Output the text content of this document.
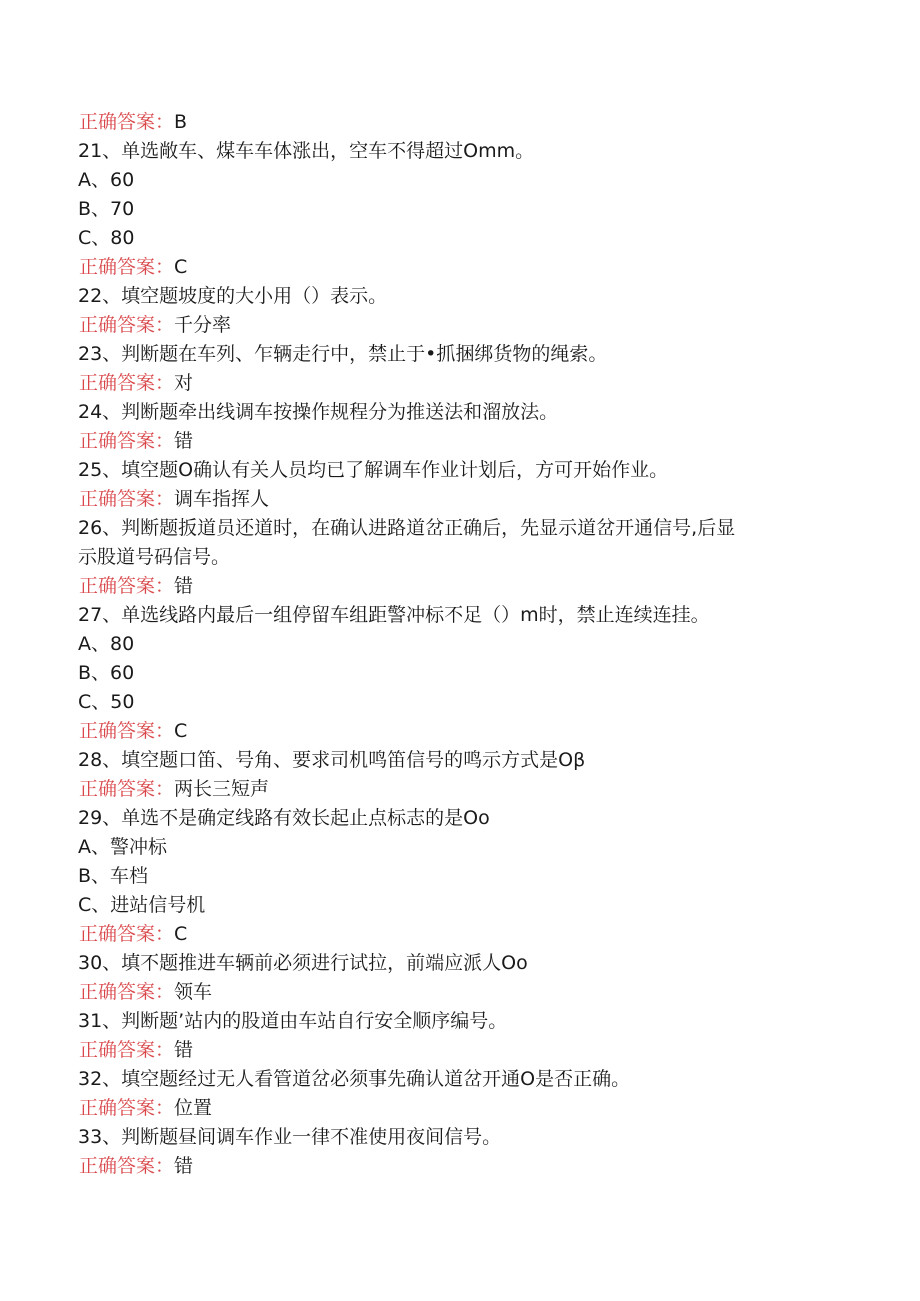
正确答案：B

21、单选敞车、煤车车体涨出，空车不得超过Omm。

A、60

B、70

C、80

正确答案：C

22、填空题坡度的大小用（）表示。

正确答案：千分率

23、判断题在车列、乍辆走行中，禁止于•抓捆绑货物的绳索。

正确答案：对

24、判断题牵出线调车按操作规程分为推送法和溜放法。

正确答案：错

25、填空题O确认有关人员均已了解调车作业计划后，方可开始作业。

正确答案：调车指挥人

26、判断题扳道员还道时，在确认进路道岔正确后，先显示道岔开通信号,后显

示股道号码信号。

正确答案：错

27、单选线路内最后一组停留车组距警冲标不足（）m时，禁止连续连挂。

A、80

B、60

C、50

正确答案：C

28、填空题口笛、号角、要求司机鸣笛信号的鸣示方式是Oβ

正确答案：两长三短声

29、单选不是确定线路有效长起止点标志的是Oo

A、警冲标

B、车档

C、进站信号机

正确答案：C

30、填不题推进车辆前必须进行试拉，前端应派人Oo

正确答案：领车

31、判断题’站内的股道由车站自行安全顺序编号。

正确答案：错

32、填空题经过无人看管道岔必须事先确认道岔开通O是否正确。

正确答案：位置

33、判断题昼间调车作业一律不准使用夜间信号。

正确答案：错
